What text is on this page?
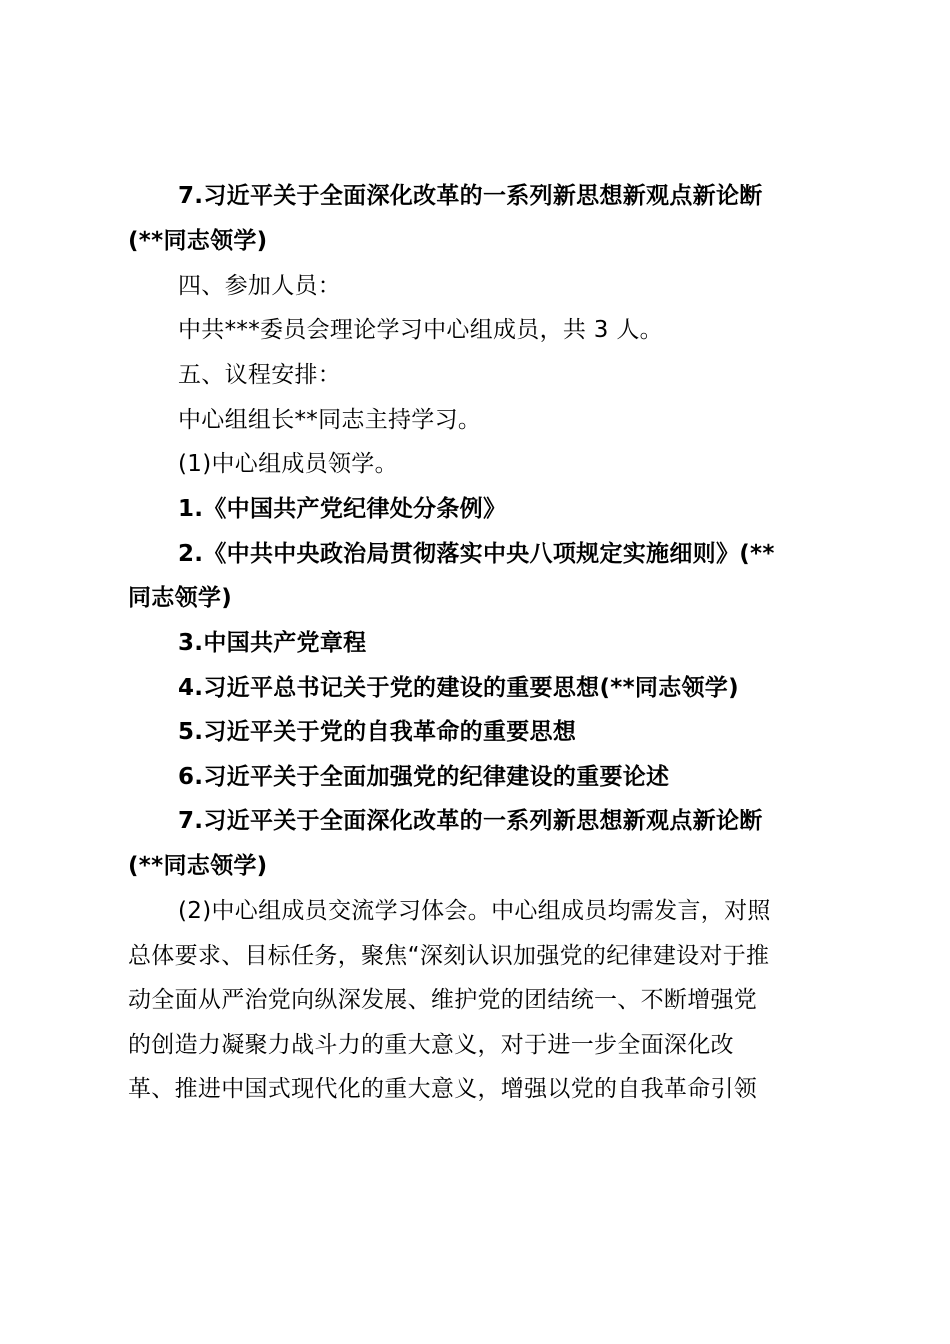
7.习近平关于全面深化改革的一系列新思想新观点新论断
(**同志领学)
四、参加人员：
中共***委员会理论学习中心组成员，共 3 人。
五、议程安排：
中心组组长**同志主持学习。
(1)中心组成员领学。
1.《中国共产党纪律处分条例》
2.《中共中央政治局贯彻落实中央八项规定实施细则》(**
同志领学)
3.中国共产党章程
4.习近平总书记关于党的建设的重要思想(**同志领学)
5.习近平关于党的自我革命的重要思想
6.习近平关于全面加强党的纪律建设的重要论述
7.习近平关于全面深化改革的一系列新思想新观点新论断
(**同志领学)
(2)中心组成员交流学习体会。中心组成员均需发言，对照
总体要求、目标任务，聚焦“深刻认识加强党的纪律建设对于推
动全面从严治党向纵深发展、维护党的团结统一、不断增强党
的创造力凝聚力战斗力的重大意义，对于进一步全面深化改
革、推进中国式现代化的重大意义，增强以党的自我革命引领
